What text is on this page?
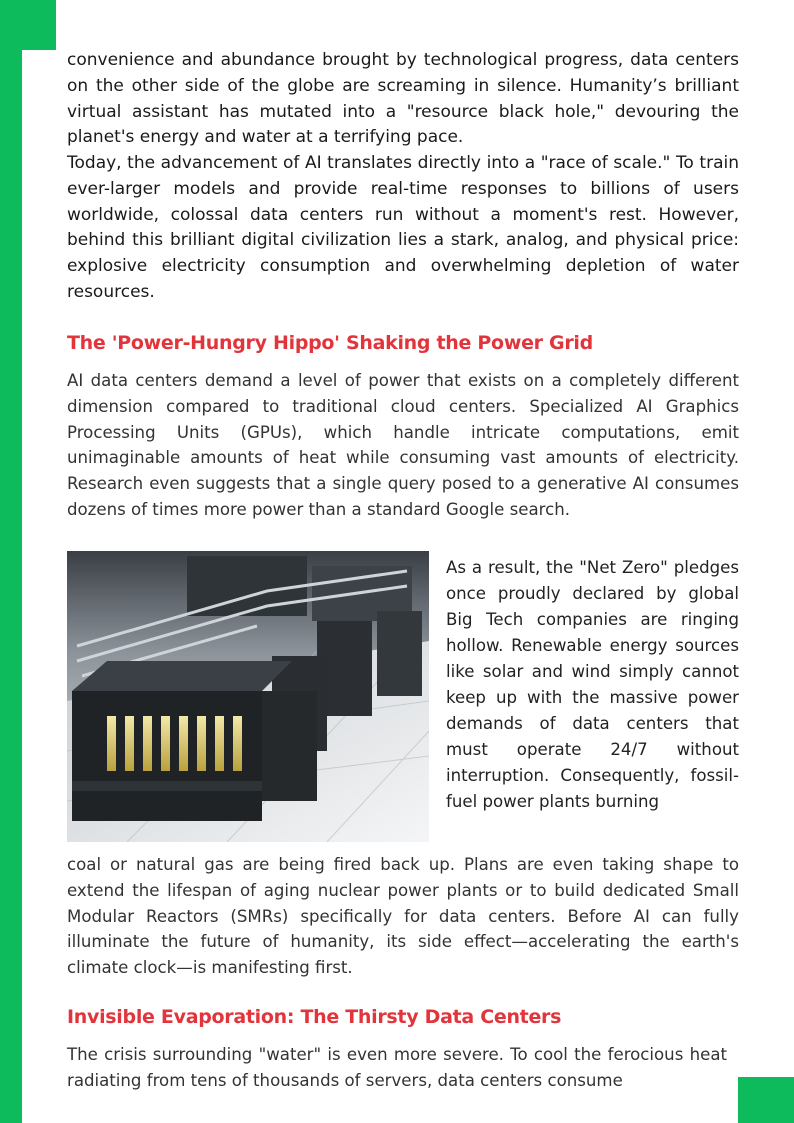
convenience and abundance brought by technological progress, data centers on the other side of the globe are screaming in silence. Humanity’s brilliant virtual assistant has mutated into a "resource black hole," devouring the planet's energy and water at a terrifying pace.

Today, the advancement of AI translates directly into a "race of scale." To train ever-larger models and provide real-time responses to billions of users worldwide, colossal data centers run without a moment's rest. However, behind this brilliant digital civilization lies a stark, analog, and physical price: explosive electricity consumption and overwhelming depletion of water resources.

The 'Power-Hungry Hippo' Shaking the Power Grid

AI data centers demand a level of power that exists on a completely different dimension compared to traditional cloud centers. Specialized AI Graphics Processing Units (GPUs), which handle intricate computations, emit unimaginable amounts of heat while consuming vast amounts of electricity. Research even suggests that a single query posed to a generative AI consumes dozens of times more power than a standard Google search.

As a result, the "Net Zero" pledges once proudly declared by global Big Tech companies are ringing hollow. Renewable energy sources like solar and wind simply cannot keep up with the massive power demands of data centers that must operate 24/7 without interruption. Consequently, fossil-fuel power plants burning

coal or natural gas are being fired back up. Plans are even taking shape to extend the lifespan of aging nuclear power plants or to build dedicated Small Modular Reactors (SMRs) specifically for data centers. Before AI can fully illuminate the future of humanity, its side effect—accelerating the earth's climate clock—is manifesting first.

Invisible Evaporation: The Thirsty Data Centers

The crisis surrounding "water" is even more severe. To cool the ferocious heat radiating from tens of thousands of servers, data centers consume
